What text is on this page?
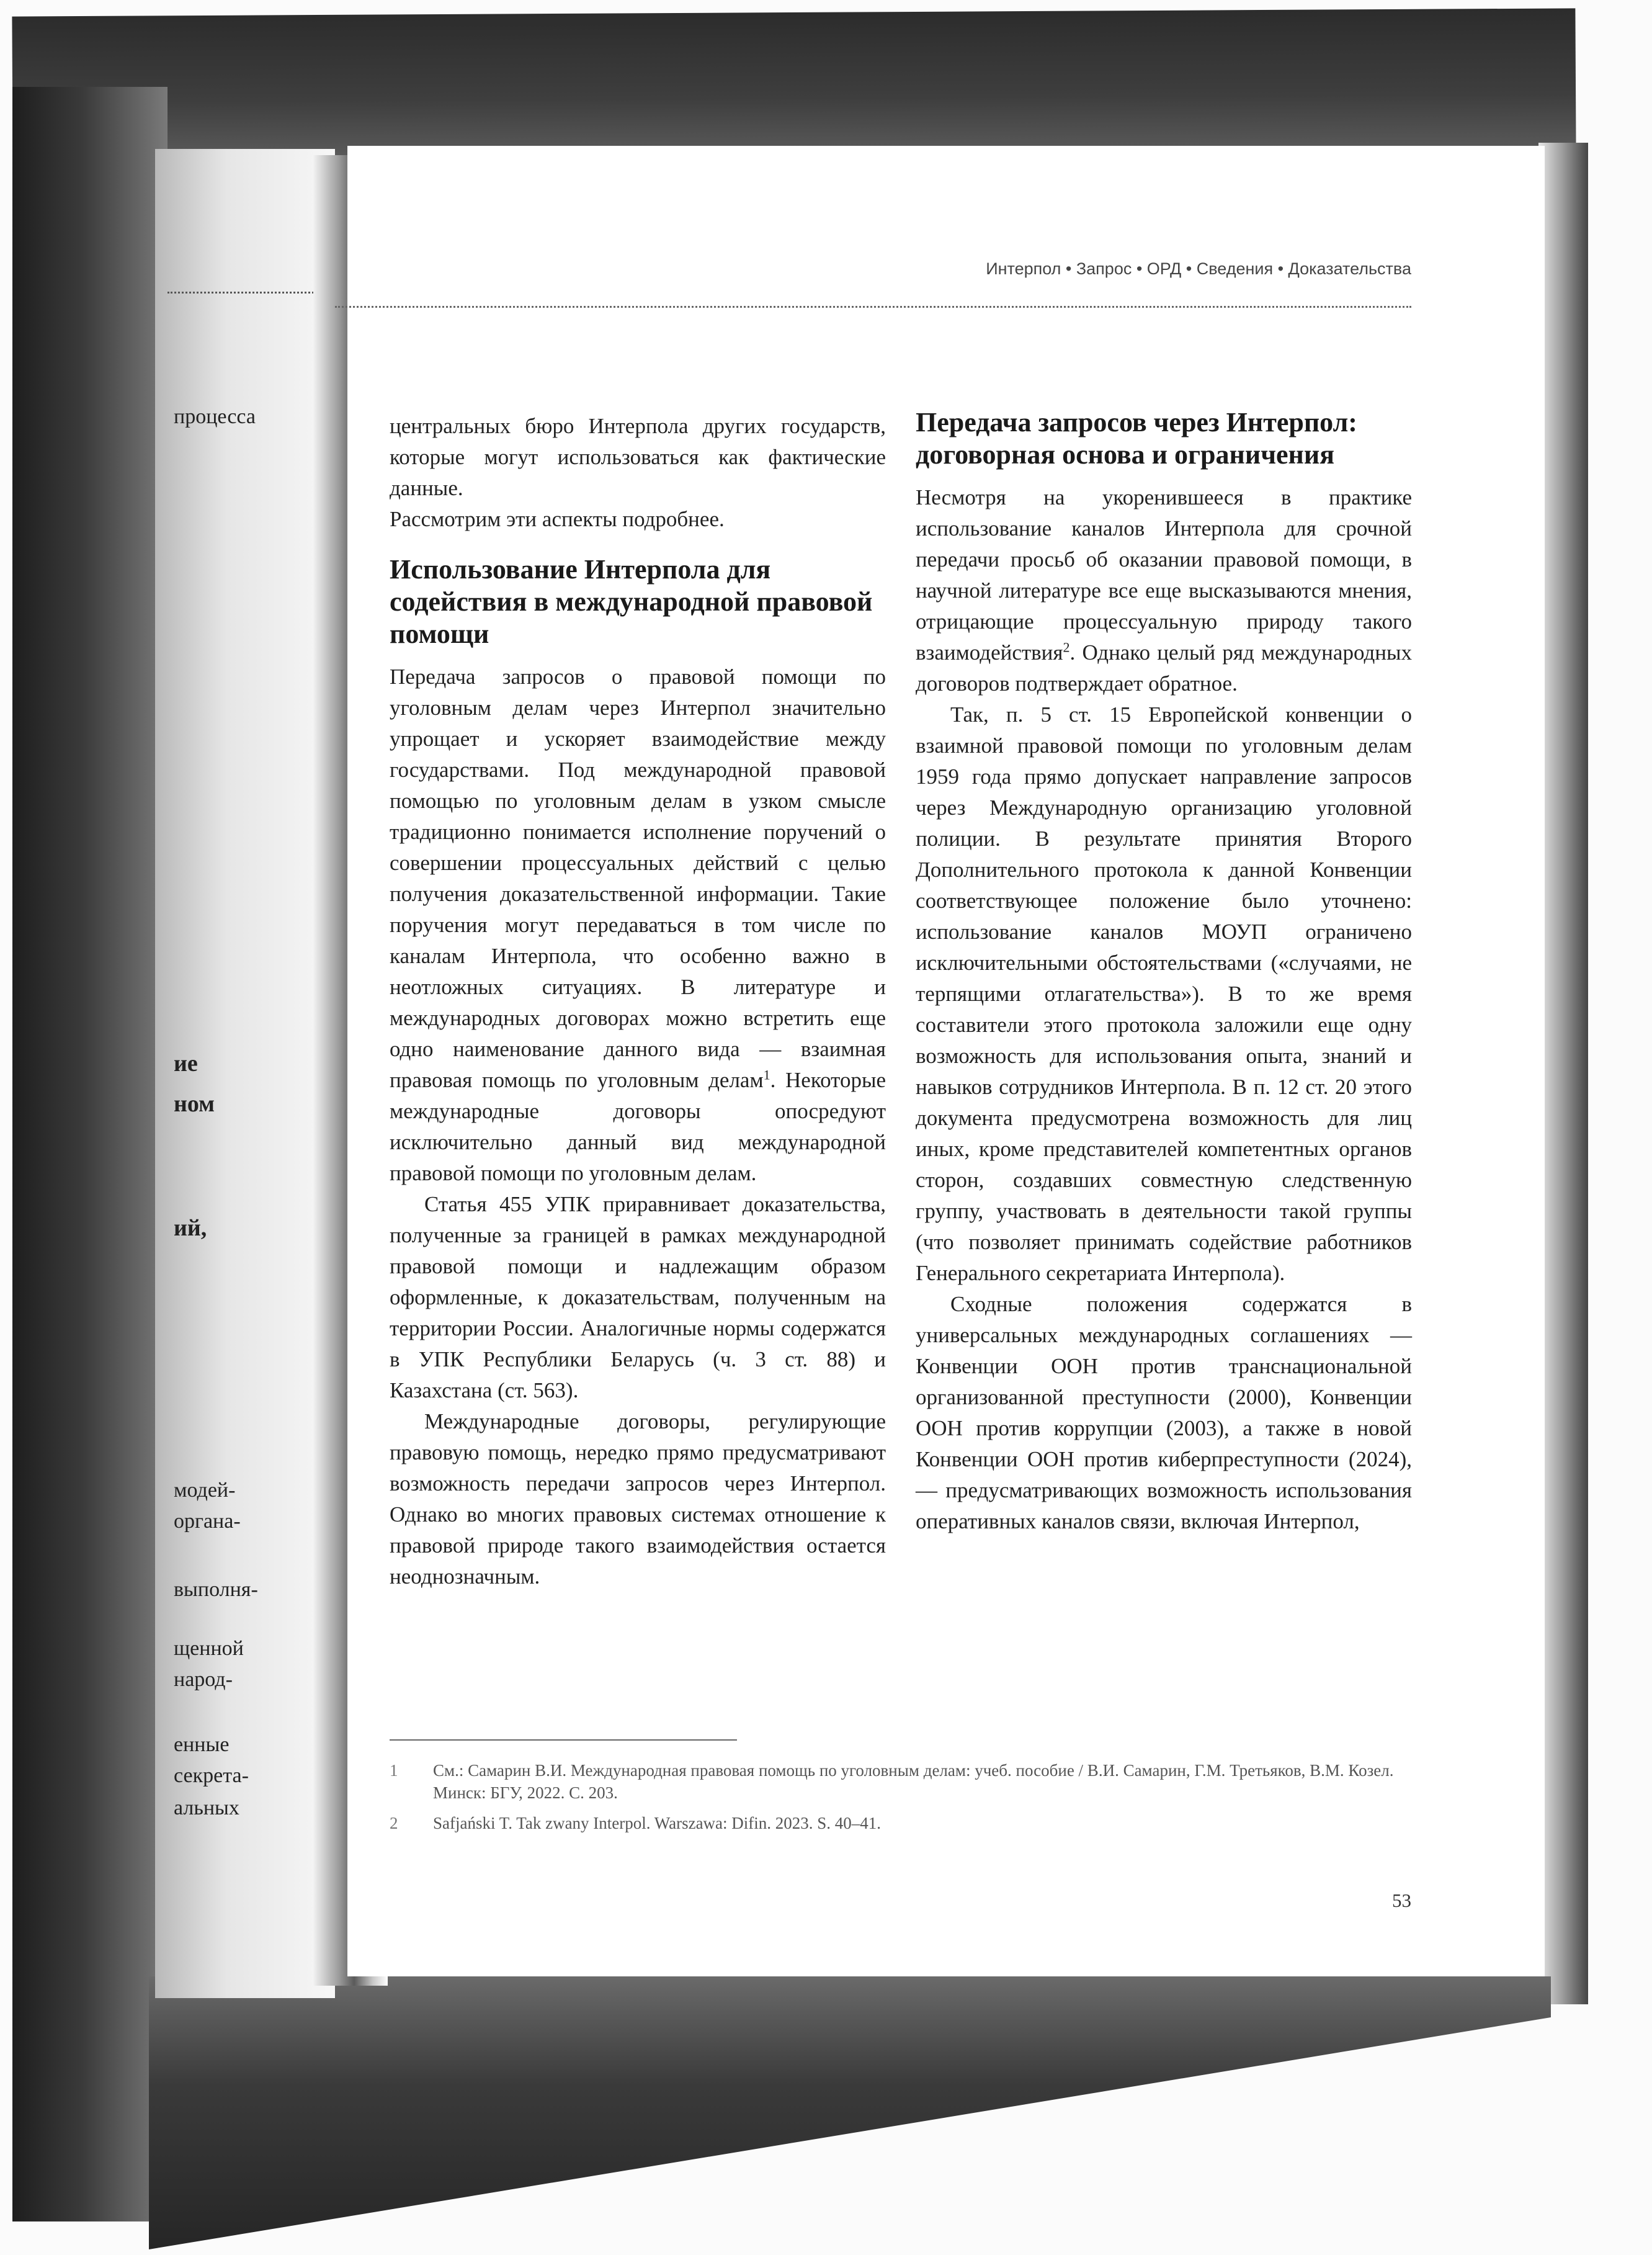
процесса
ие
ном
ий,
модей-
органа-
выполня-
щенной
народ-
енные
секрета-
альных
Интерпол • Запрос • ОРД • Сведения • Доказательства

центральных бюро Интерпола других государств, которые могут использоваться как фактические данные.

Рассмотрим эти аспекты подробнее.

Использование Интерпола для содействия в международной правовой помощи

Передача запросов о правовой помощи по уголовным делам через Интерпол значительно упрощает и ускоряет взаимодействие между государствами. Под международной правовой помощью по уголовным делам в узком смысле традиционно понимается исполнение поручений о совершении процессуальных действий с целью получения доказательственной информации. Такие поручения могут передаваться в том числе по каналам Интерпола, что особенно важно в неотложных ситуациях. В литературе и международных договорах можно встретить еще одно наименование данного вида — взаимная правовая помощь по уголовным делам$^1$. Некоторые международные договоры опосредуют исключительно данный вид международной правовой помощи по уголовным делам.

Статья 455 УПК приравнивает доказательства, полученные за границей в рамках международной правовой помощи и надлежащим образом оформленные, к доказательствам, полученным на территории России. Аналогичные нормы содержатся в УПК Республики Беларусь (ч. 3 ст. 88) и Казахстана (ст. 563).

Международные договоры, регулирующие правовую помощь, нередко прямо предусматривают возможность передачи запросов через Интерпол. Однако во многих правовых системах отношение к правовой природе такого взаимодействия остается неоднозначным.

Передача запросов через Интерпол: договорная основа и ограничения

Несмотря на укоренившееся в практике использование каналов Интерпола для срочной передачи просьб об оказании правовой помощи, в научной литературе все еще высказываются мнения, отрицающие процессуальную природу такого взаимодействия$^2$. Однако целый ряд международных договоров подтверждает обратное.

Так, п. 5 ст. 15 Европейской конвенции о взаимной правовой помощи по уголовным делам 1959 года прямо допускает направление запросов через Международную организацию уголовной полиции. В результате принятия Второго Дополнительного протокола к данной Конвенции соответствующее положение было уточнено: использование каналов МОУП ограничено исключительными обстоятельствами («случаями, не терпящими отлагательства»). В то же время составители этого протокола заложили еще одну возможность для использования опыта, знаний и навыков сотрудников Интерпола. В п. 12 ст. 20 этого документа предусмотрена возможность для лиц иных, кроме представителей компетентных органов сторон, создавших совместную следственную группу, участвовать в деятельности такой группы (что позволяет принимать содействие работников Генерального секретариата Интерпола).

Сходные положения содержатся в универсальных международных соглашениях — Конвенции ООН против транснациональной организованной преступности (2000), Конвенции ООН против коррупции (2003), а также в новой Конвенции ООН против киберпреступности (2024), — предусматривающих возможность использования оперативных каналов связи, включая Интерпол,

1 См.: Самарин В.И. Международная правовая помощь по уголовным делам: учеб. пособие / В.И. Самарин, Г.М. Третьяков, В.М. Козел. Минск: БГУ, 2022. С. 203.
2 Safjański T. Tak zwany Interpol. Warszawa: Difin. 2023. S. 40–41.
53
